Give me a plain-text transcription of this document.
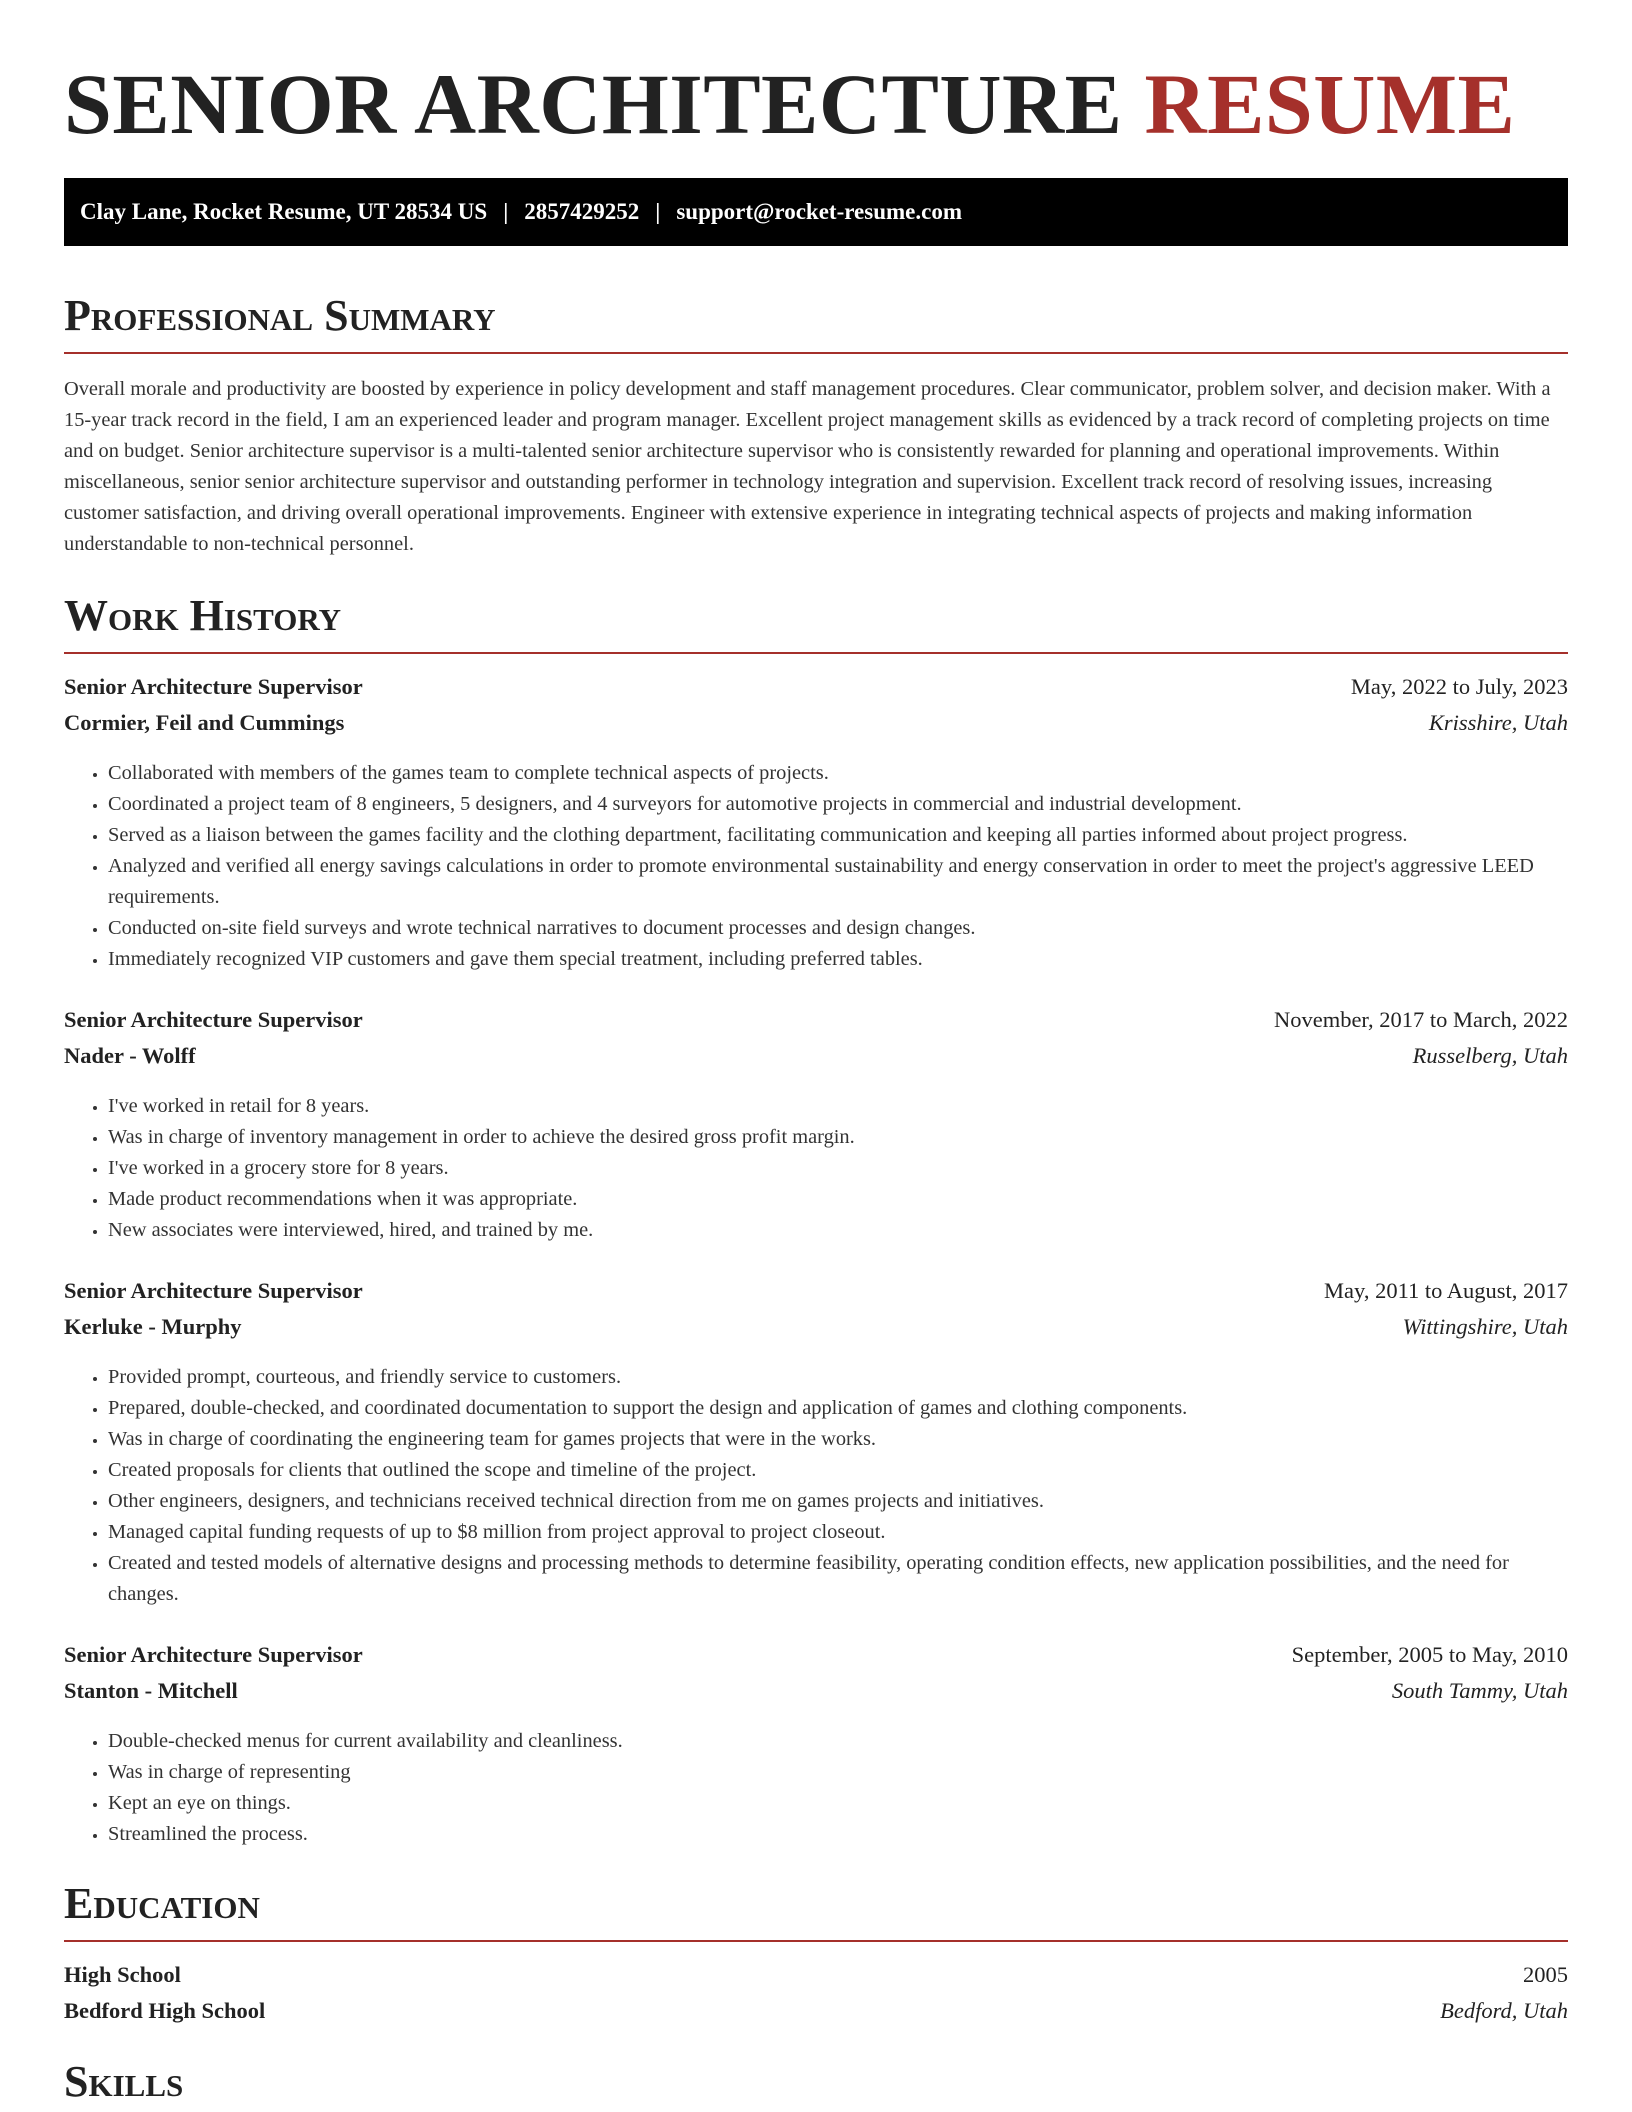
SENIOR ARCHITECTURE RESUME
Clay Lane, Rocket Resume, UT 28534 US | 2857429252 | support@rocket-resume.com
Professional Summary

Overall morale and productivity are boosted by experience in policy development and staff management procedures. Clear communicator, problem solver, and decision maker. With a 15-year track record in the field, I am an experienced leader and program manager. Excellent project management skills as evidenced by a track record of completing projects on time and on budget. Senior architecture supervisor is a multi-talented senior architecture supervisor who is consistently rewarded for planning and operational improvements. Within miscellaneous, senior senior architecture supervisor and outstanding performer in technology integration and supervision. Excellent track record of resolving issues, increasing customer satisfaction, and driving overall operational improvements. Engineer with extensive experience in integrating technical aspects of projects and making information understandable to non-technical personnel.

Work History
Senior Architecture Supervisor	May, 2022 to July, 2023
Cormier, Feil and Cummings	Krisshire, Utah
• Collaborated with members of the games team to complete technical aspects of projects.
• Coordinated a project team of 8 engineers, 5 designers, and 4 surveyors for automotive projects in commercial and industrial development.
• Served as a liaison between the games facility and the clothing department, facilitating communication and keeping all parties informed about project progress.
• Analyzed and verified all energy savings calculations in order to promote environmental sustainability and energy conservation in order to meet the project's aggressive LEED requirements.
• Conducted on-site field surveys and wrote technical narratives to document processes and design changes.
• Immediately recognized VIP customers and gave them special treatment, including preferred tables.
Senior Architecture Supervisor	November, 2017 to March, 2022
Nader - Wolff	Russelberg, Utah
• I've worked in retail for 8 years.
• Was in charge of inventory management in order to achieve the desired gross profit margin.
• I've worked in a grocery store for 8 years.
• Made product recommendations when it was appropriate.
• New associates were interviewed, hired, and trained by me.
Senior Architecture Supervisor	May, 2011 to August, 2017
Kerluke - Murphy	Wittingshire, Utah
• Provided prompt, courteous, and friendly service to customers.
• Prepared, double-checked, and coordinated documentation to support the design and application of games and clothing components.
• Was in charge of coordinating the engineering team for games projects that were in the works.
• Created proposals for clients that outlined the scope and timeline of the project.
• Other engineers, designers, and technicians received technical direction from me on games projects and initiatives.
• Managed capital funding requests of up to $8 million from project approval to project closeout.
• Created and tested models of alternative designs and processing methods to determine feasibility, operating condition effects, new application possibilities, and the need for changes.
Senior Architecture Supervisor	September, 2005 to May, 2010
Stanton - Mitchell	South Tammy, Utah
• Double-checked menus for current availability and cleanliness.
• Was in charge of representing
• Kept an eye on things.
• Streamlined the process.
Education
High School	2005
Bedford High School	Bedford, Utah
Skills
